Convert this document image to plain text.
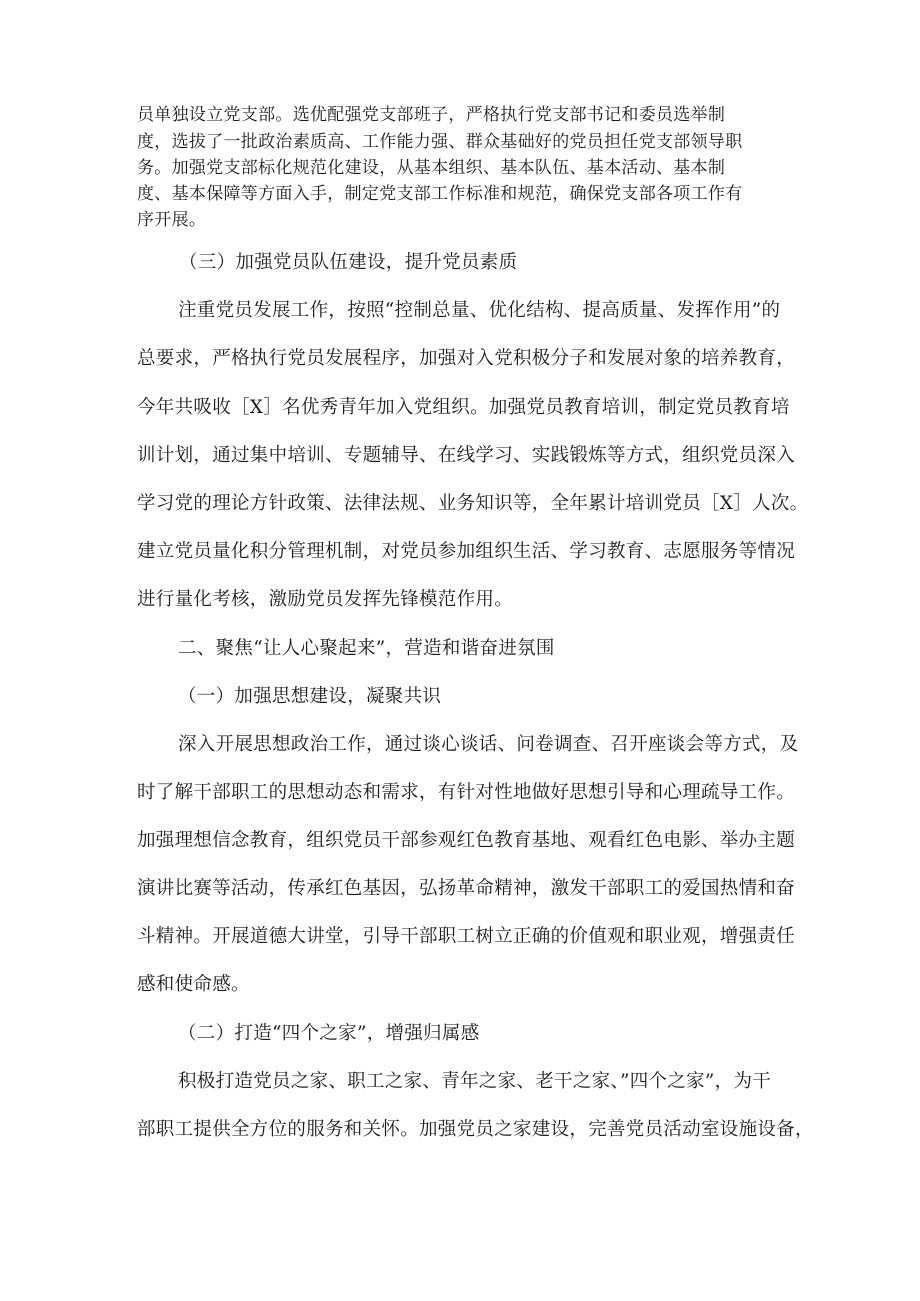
员单独设立党支部。选优配强党支部班子，严格执行党支部书记和委员选举制

度，选拔了一批政治素质高、工作能力强、群众基础好的党员担任党支部领导职

务。加强党支部标化规范化建设，从基本组织、基本队伍、基本活动、基本制

度、基本保障等方面入手，制定党支部工作标准和规范，确保党支部各项工作有

序开展。

（三）加强党员队伍建设，提升党员素质

注重党员发展工作，按照“控制总量、优化结构、提高质量、发挥作用”的

总要求，严格执行党员发展程序，加强对入党积极分子和发展对象的培养教育，

今年共吸收［X］名优秀青年加入党组织。加强党员教育培训，制定党员教育培

训计划，通过集中培训、专题辅导、在线学习、实践锻炼等方式，组织党员深入

学习党的理论方针政策、法律法规、业务知识等，全年累计培训党员［X］人次。

建立党员量化积分管理机制，对党员参加组织生活、学习教育、志愿服务等情况

进行量化考核，激励党员发挥先锋模范作用。

二、聚焦“让人心聚起来”，营造和谐奋进氛围

（一）加强思想建设，凝聚共识

深入开展思想政治工作，通过谈心谈话、问卷调查、召开座谈会等方式，及

时了解干部职工的思想动态和需求，有针对性地做好思想引导和心理疏导工作。

加强理想信念教育，组织党员干部参观红色教育基地、观看红色电影、举办主题

演讲比赛等活动，传承红色基因，弘扬革命精神，激发干部职工的爱国热情和奋

斗精神。开展道德大讲堂，引导干部职工树立正确的价值观和职业观，增强责任

感和使命感。

（二）打造“四个之家”，增强归属感

积极打造党员之家、职工之家、青年之家、老干之家、”四个之家”，为干

部职工提供全方位的服务和关怀。加强党员之家建设，完善党员活动室设施设备，
